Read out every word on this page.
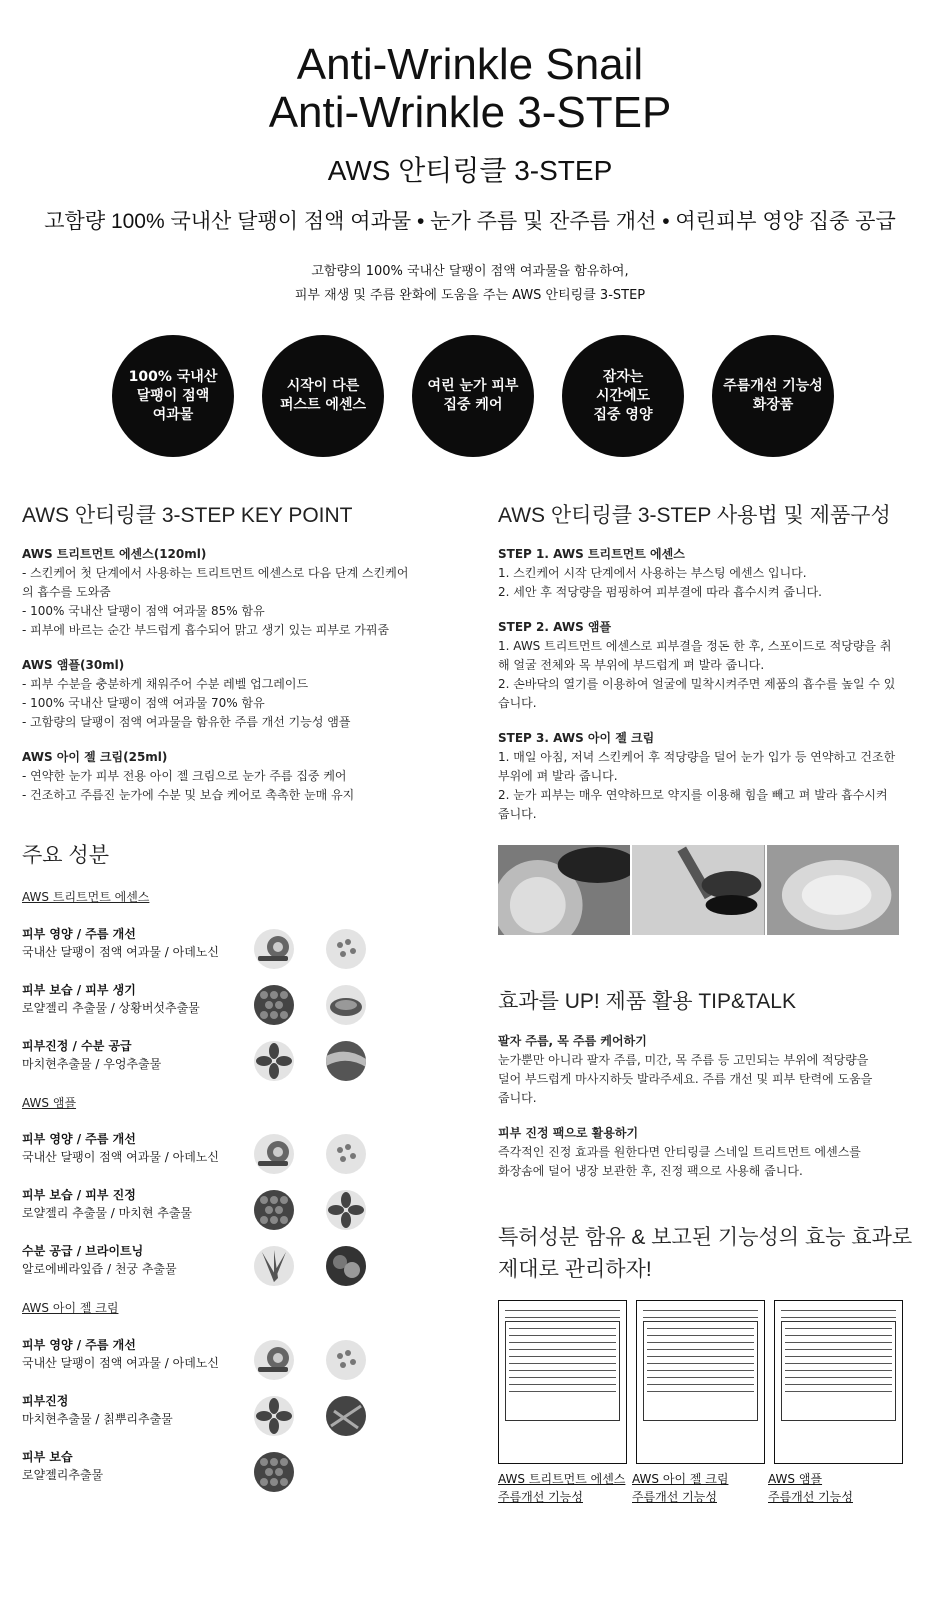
Anti-Wrinkle Snail
Anti-Wrinkle 3-STEP
AWS 안티링클 3-STEP
고함량 100% 국내산 달팽이 점액 여과물 • 눈가 주름 및 잔주름 개선 • 여린피부 영양 집중 공급
고함량의 100% 국내산 달팽이 점액 여과물을 함유하여,
피부 재생 및 주름 완화에 도움을 주는 AWS 안티링클 3-STEP
100% 국내산
달팽이 점액
여과물
시작이 다른
퍼스트 에센스
여린 눈가 피부
집중 케어
잠자는
시간에도
집중 영양
주름개선 기능성
화장품
AWS 안티링클 3-STEP KEY POINT
AWS 트리트먼트 에센스(120ml)
- 스킨케어 첫 단계에서 사용하는 트리트먼트 에센스로 다음 단계 스킨케어
의 흡수를 도와줌
- 100% 국내산 달팽이 점액 여과물 85% 함유
- 피부에 바르는 순간 부드럽게 흡수되어 맑고 생기 있는 피부로 가꿔줌
AWS 앰플(30ml)
- 피부 수분을 충분하게 채워주어 수분 레벨 업그레이드
- 100% 국내산 달팽이 점액 여과물 70% 함유
- 고함량의 달팽이 점액 여과물을 함유한 주름 개선 기능성 앰플
AWS 아이 젤 크림(25ml)
- 연약한 눈가 피부 전용 아이 젤 크림으로 눈가 주름 집중 케어
- 건조하고 주름진 눈가에 수분 및 보습 케어로 촉촉한 눈매 유지
AWS 안티링클 3-STEP 사용법 및 제품구성
STEP 1. AWS 트리트먼트 에센스
1. 스킨케어 시작 단계에서 사용하는 부스팅 에센스 입니다.
2. 세안 후 적당량을 펌핑하여 피부결에 따라 흡수시켜 줍니다.
STEP 2. AWS 앰플
1. AWS 트리트먼트 에센스로 피부결을 정돈 한 후, 스포이드로 적당량을 취
해 얼굴 전체와 목 부위에 부드럽게 펴 발라 줍니다.
2. 손바닥의 열기를 이용하여 얼굴에 밀착시켜주면 제품의 흡수를 높일 수 있
습니다.
STEP 3. AWS 아이 젤 크림
1. 매일 아침, 저녁 스킨케어 후 적당량을 덜어 눈가 입가 등 연약하고 건조한
부위에 펴 발라 줍니다.
2. 눈가 피부는 매우 연약하므로 약지를 이용해 힘을 빼고 펴 발라 흡수시켜
줍니다.
주요 성분
AWS 트리트먼트 에센스
피부 영양 / 주름 개선
국내산 달팽이 점액 여과물 / 아데노신
피부 보습 / 피부 생기
로얄젤리 추출물 / 상황버섯추출물
피부진정 / 수분 공급
마치현추출물 / 우엉추출물
AWS 앰플
피부 영양 / 주름 개선
국내산 달팽이 점액 여과물 / 아데노신
피부 보습 / 피부 진정
로얄젤리 추출물 / 마치현 추출물
수분 공급 / 브라이트닝
알로에베라잎즙 / 천궁 추출물
AWS 아이 젤 크림
피부 영양 / 주름 개선
국내산 달팽이 점액 여과물 / 아데노신
피부진정
마치현추출물 / 칡뿌리추출물
피부 보습
로얄젤리추출물
효과를 UP! 제품 활용 TIP&TALK
팔자 주름, 목 주름 케어하기
눈가뿐만 아니라 팔자 주름, 미간, 목 주름 등 고민되는 부위에 적당량을
덜어 부드럽게 마사지하듯 발라주세요. 주름 개선 및 피부 탄력에 도움을
줍니다.
피부 진정 팩으로 활용하기
즉각적인 진정 효과를 원한다면 안티링클 스네일 트리트먼트 에센스를
화장솜에 덜어 냉장 보관한 후, 진정 팩으로 사용해 줍니다.
특허성분 함유 & 보고된 기능성의 효능 효과로
제대로 관리하자!
AWS 트리트먼트 에센스
주름개선 기능성
AWS 아이 젤 크림
주름개선 기능성
AWS 앰플
주름개선 기능성
